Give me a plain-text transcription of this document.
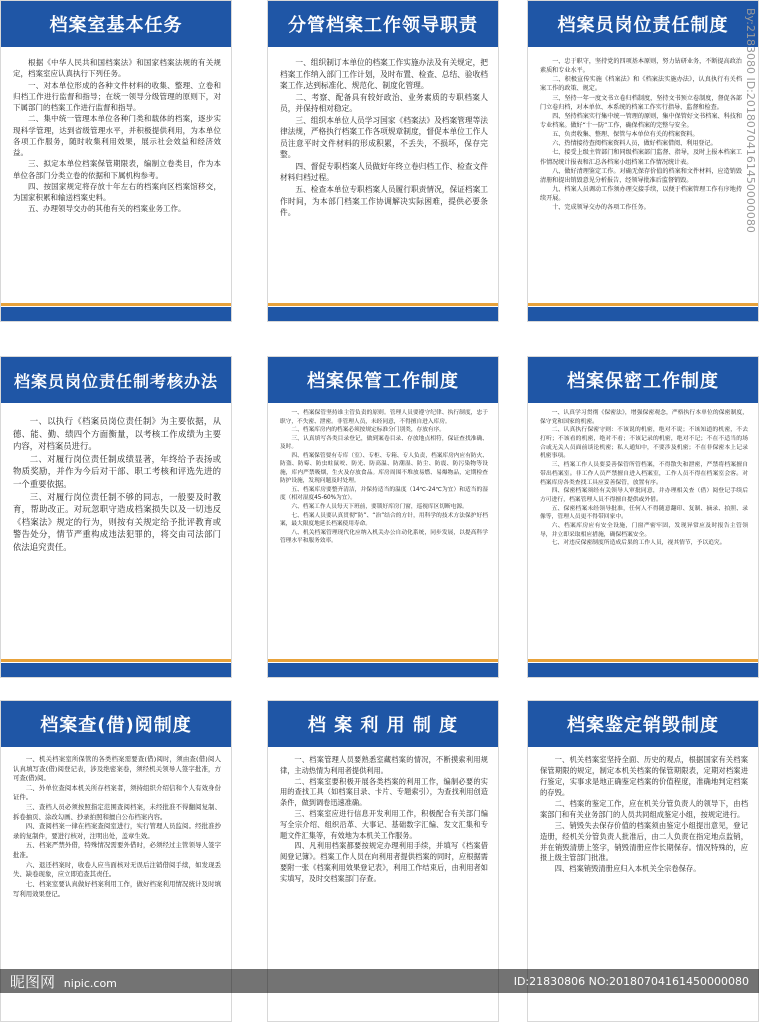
档案室基本任务

根据《中华人民共和国档案法》和国家档案法规的有关规定，档案室应认真执行下列任务。

一、对本单位形成的各种文件材料的收集、整理、立卷和归档工作进行监督和指导；在统一领导分级管理的原则下，对下属部门的档案工作进行监督和指导。

二、集中统一管理本单位各种门类和载体的档案，逐步实现科学管理，达到省级管理水平，并积极提供利用，为本单位各项工作服务，随时收集利用效果，展示社会效益和经济效益。

三、拟定本单位档案保管期限表，编制立卷类目，作为本单位各部门分类立卷的依据和下属机构参考。

四、按国家规定将存放十年左右的档案向区档案馆移交，为国家积累和输送档案史料。

五、办理领导交办的其他有关的档案业务工作。

分管档案工作领导职责

一、组织制订本单位的档案工作实施办法及有关规定，把档案工作纳入部门工作计划，及时布置、检查、总结、验收档案工作,达到标准化、规范化、制度化管理。

二、考察、配备具有较好政治、业务素质的专职档案人员，并保持相对稳定。

三、组织本单位人员学习国家《档案法》及档案管理等法律法规，严格执行档案工作各项规章制度，督促本单位工作人员注意平时文件材料的形成积累，不丢失，不损坏，保存完整。

四、督促专职档案人员做好年终立卷归档工作、检查文件材料归档过程。

五、检查本单位专职档案人员履行职责情况，保证档案工作时间，为本部门档案工作协调解决实际困难，提供必要条件。

档案员岗位责任制度

一、忠于职守，坚持党的四项基本原则，努力钻研业务，不断提高政治素质和专业水平。

二、积极宣传实施《档案法》和《档案法实施办法》，认真执行有关档案工作的政策、规定。

三、坚持一年一度文书立卷归档制度，坚持文书预立卷制度，督促各部门立卷归档，对本单位、本系统的档案工作实行指导、监督和检查。

四、坚持档案实行集中统一管理的原则，集中保管好文书档案、科技和专业档案。做好“十一防”工作，确保档案的完整与安全。

五、负责收集、整理、保管与本单位有关的档案资料。

六、热情接待查阅档案资料人员，做好档案借阅、利用登记。

七、接受上级主管部门和同级档案部门监督、指导，及时上报本档案工作情况统计报表和汇总各档案小组档案工作情况统计表。

八、做好清理鉴定工作。对确无保存价值的档案和文件材料，应造销毁清册和提出销毁意见分析报告，经领导批准后监督销毁。

九、档案人员调动工作须办理交接手续，以便于档案管理工作有序地持续开展。

十、完成领导交办的各项工作任务。

档案员岗位责任制考核办法

一、以执行《档案员岗位责任制》为主要依据，从德、能、勤、绩四个方面衡量，以考核工作成绩为主要内容，对档案员进行。

二、对履行岗位责任制成绩显著，年终给予表扬或物质奖励，并作为今后对干部、职工考核和评选先进的一个重要依据。

三、对履行岗位责任制不够的同志，一般要及时教育，帮助改正。对玩忽职守造成档案损失以及一切违反《档案法》规定的行为，则按有关规定给予批评教育或警告处分，情节严重构成违法犯罪的，将交由司法部门依法追究责任。

档案保管工作制度

一、档案保管坚持谁主管负责的原则。管理人员要遵守纪律、执行制度，忠于职守，不失密、泄密。非管理人员，未经同意，不得擅自进入库房。

二、档案库房内的档案必须按规定标准分门别类，存放有序。

三、认真填写各类目录登记，做到案卷目录、存放地点相符，保证查找准确、及时。

四、档案保管要有专库（室）、专柜、专箱、专人负责，档案库房内应有防火、防盗、防霉、防虫蛀鼠咬、防光、防高温、防潮湿、防尘、防震、防污染物等设施，库内严禁吸烟，生火及存放食品。库房周围不堆放易燃、易爆物品，定期检查防护设施，发现问题及时处理。

五、档案库房要整齐清洁，并保持适当的温度（14℃-24℃为宜）和适当的湿度（相对湿度45-60%为宜）。

六、档案工作人员每天下班前，要锁好库房门窗，巡视库区切断电源。

七、档案人员要认真贯彻“防”、“治”结合的方针，用科学的技术方法保护好档案，最大限度地延长档案使用寿命。

八、机关档案管理现代化应纳入机关办公自动化系统，同步发展，以提高科学管理水平和服务效率。

档案保密工作制度

一、认真学习贯彻《保密法》，增强保密观念，严格执行本单位的保密制度，保守党和国家的机密。

二、认真执行保密守则：不该说的机密，绝对不说；不该知道的机密，不去打听；不该看的机密，绝对不看；不该记录的机密，绝对不记；不在不适当的场合或无关人员面前谈论机密；私人通知中，不要涉及机密；不在非保密本上记录机密事项。

三、档案工作人员要妥善保管所管档案，不得散失和泄密，严禁将档案擅自带出档案室。非工作人员严禁擅自进入档案室，工作人员不得在档案室会客。对档案库房各类查找工具应妥善保管，放置有序。

四、保密档案须经有关领导人审批同意，并办理相关查（借）阅登记手续后方可进行，档案管理人员不得擅自提供或外借。

五、保密档案未经领导批准，任何人不得随意翻印、复制、摘录、拍照、录像等，管理人员更不得带回家中。

六、档案库房应有安全设施，门窗严密牢固，发现异常应及时报告主管领导，并立即采取相应措施，确保档案安全。

七、对违反保密制度所造成后果的工作人员，视其情节，予以追究。

档案查(借)阅制度

一、机关档案室所保管的各类档案需要查(借)阅时，须由查(借)阅人认真填写查(借)阅登记表，涉及绝密案卷，须经机关领导人签字批准，方可查(借)阅。

二、外单位查阅本机关所存档案者，须持组织介绍信和个人有效身份证件。

三、查档人员必须按照指定范围查阅档案，未经批准不得翻阅复制、拆卷抽页、涂改勾画、抄录拍照和擅自公布档案内容。

四、查阅档案一律在档案查阅室进行，实行管理人员监阅。经批准抄录的复制件，要进行核对，注明出处，盖章生效。

五、档案严禁外借，特殊情况需要外借时，必须经过主管领导人签字批准。

六、退还档案时，收卷人应当面核对无误后注销借阅手续，如发现丢失、缺卷现象，应立即追查其责任。

七、档案室要认真做好档案利用工作，做好档案利用情况统计及时填写利用效果登记。

档 案 利 用 制 度

一、档案管理人员要熟悉室藏档案的情况，不断摸索利用规律，主动热情为利用者提供利用。

二、档案室要积极开展各类档案的利用工作，编制必要的实用的查找工具（如档案目录、卡片、专题索引），为查找利用创造条件，做到调卷迅速准确。

三、档案室应进行信息开发利用工作，积极配合有关部门编写全宗介绍、组织沿革、大事记、基础数字汇编、发文汇集和专题文件汇集等，有效地为本机关工作服务。

四、凡利用档案都要按规定办理利用手续，并填写《档案借阅登记簿》。档案工作人员在向利用者提供档案的同时，应根据需要附一张《档案利用效果登记表》，利用工作结束后，由利用者如实填写，及时交档案部门存查。

档案鉴定销毁制度

一、机关档案室坚持全面、历史的观点，根据国家有关档案保管期限的规定，制定本机关档案的保管期限表，定期对档案进行鉴定，实事求是地正确鉴定档案的价值程度，准确地判定档案的存毁。

二、档案的鉴定工作，应在机关分管负责人的领导下，由档案部门和有关业务部门的人员共同组成鉴定小组，按规定进行。

三、销毁失去保存价值的档案须由鉴定小组提出意见，登记造册，经机关分管负责人批准后，由二人负责在指定地点监销，并在销毁清册上签字，销毁清册应作长期保存。情况特殊的，应报上级主管部门批准。

四、档案销毁清册应归入本机关全宗卷保存。

By:2183080 ID:20180704161450000080
昵图网 nipic.com	ID:21830806 NO:20180704161450000080
